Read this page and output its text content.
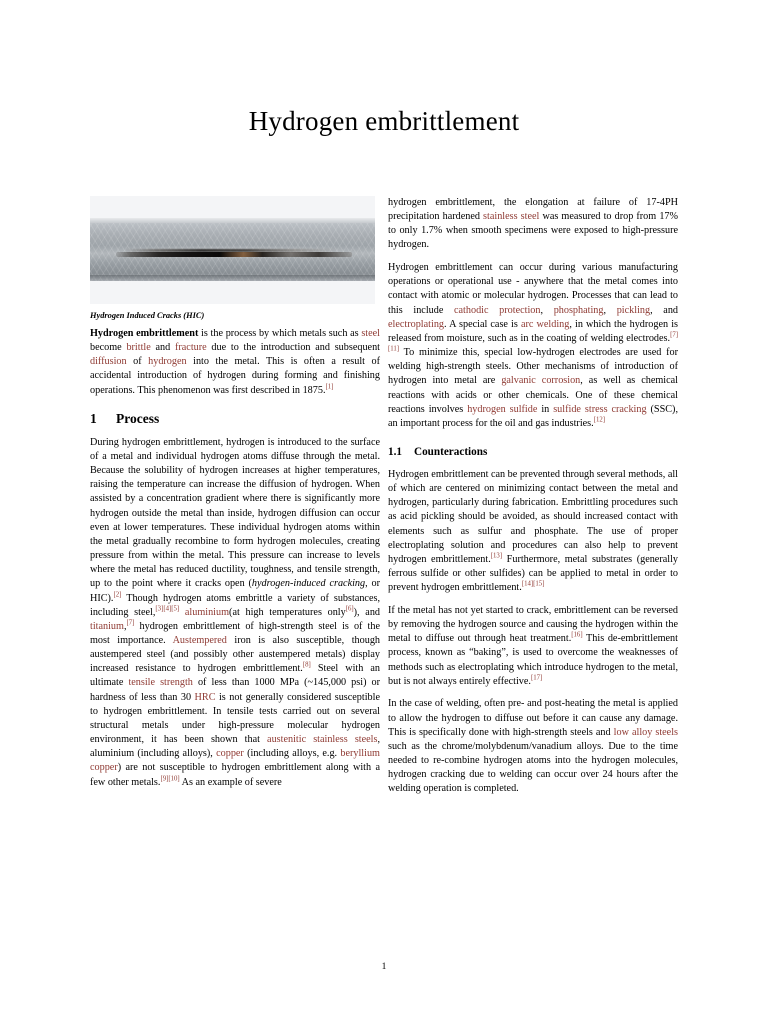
Hydrogen embrittlement
Hydrogen Induced Cracks (HIC)

Hydrogen embrittlement is the process by which metals such as steel become brittle and fracture due to the introduction and subsequent diffusion of hydrogen into the metal. This is often a result of accidental introduction of hydrogen during forming and finishing operations. This phenomenon was first described in 1875.[1]

1 Process

During hydrogen embrittlement, hydrogen is introduced to the surface of a metal and individual hydrogen atoms diffuse through the metal. Because the solubility of hydrogen increases at higher temperatures, raising the temperature can increase the diffusion of hydrogen. When assisted by a concentration gradient where there is significantly more hydrogen outside the metal than inside, hydrogen diffusion can occur even at lower temperatures. These individual hydrogen atoms within the metal gradually recombine to form hydrogen molecules, creating pressure from within the metal. This pressure can increase to levels where the metal has reduced ductility, toughness, and tensile strength, up to the point where it cracks open (hydrogen-induced cracking, or HIC).[2] Though hydrogen atoms embrittle a variety of substances, including steel,[3][4][5] aluminium(at high temperatures only[6]), and titanium,[7] hydrogen embrittlement of high-strength steel is of the most importance. Austempered iron is also susceptible, though austempered steel (and possibly other austempered metals) display increased resistance to hydrogen embrittlement.[8] Steel with an ultimate tensile strength of less than 1000 MPa (~145,000 psi) or hardness of less than 30 HRC is not generally considered susceptible to hydrogen embrittlement. In tensile tests carried out on several structural metals under high-pressure molecular hydrogen environment, it has been shown that austenitic stainless steels, aluminium (including alloys), copper (including alloys, e.g. beryllium copper) are not susceptible to hydrogen embrittlement along with a few other metals.[9][10] As an example of severe

hydrogen embrittlement, the elongation at failure of 17-4PH precipitation hardened stainless steel was measured to drop from 17% to only 1.7% when smooth specimens were exposed to high-pressure hydrogen.

Hydrogen embrittlement can occur during various manufacturing operations or operational use - anywhere that the metal comes into contact with atomic or molecular hydrogen. Processes that can lead to this include cathodic protection, phosphating, pickling, and electroplating. A special case is arc welding, in which the hydrogen is released from moisture, such as in the coating of welding electrodes.[7][11] To minimize this, special low-hydrogen electrodes are used for welding high-strength steels. Other mechanisms of introduction of hydrogen into metal are galvanic corrosion, as well as chemical reactions with acids or other chemicals. One of these chemical reactions involves hydrogen sulfide in sulfide stress cracking (SSC), an important process for the oil and gas industries.[12]

1.1 Counteractions

Hydrogen embrittlement can be prevented through several methods, all of which are centered on minimizing contact between the metal and hydrogen, particularly during fabrication. Embrittling procedures such as acid pickling should be avoided, as should increased contact with elements such as sulfur and phosphate. The use of proper electroplating solution and procedures can also help to prevent hydrogen embrittlement.[13] Furthermore, metal substrates (generally ferrous sulfide or other sulfides) can be applied to metal in order to prevent hydrogen embrittlement.[14][15]

If the metal has not yet started to crack, embrittlement can be reversed by removing the hydrogen source and causing the hydrogen within the metal to diffuse out through heat treatment.[16] This de-embrittlement process, known as “baking”, is used to overcome the weaknesses of methods such as electroplating which introduce hydrogen to the metal, but is not always entirely effective.[17]

In the case of welding, often pre- and post-heating the metal is applied to allow the hydrogen to diffuse out before it can cause any damage. This is specifically done with high-strength steels and low alloy steels such as the chrome/molybdenum/vanadium alloys. Due to the time needed to re-combine hydrogen atoms into the hydrogen molecules, hydrogen cracking due to welding can occur over 24 hours after the welding operation is completed.

1
